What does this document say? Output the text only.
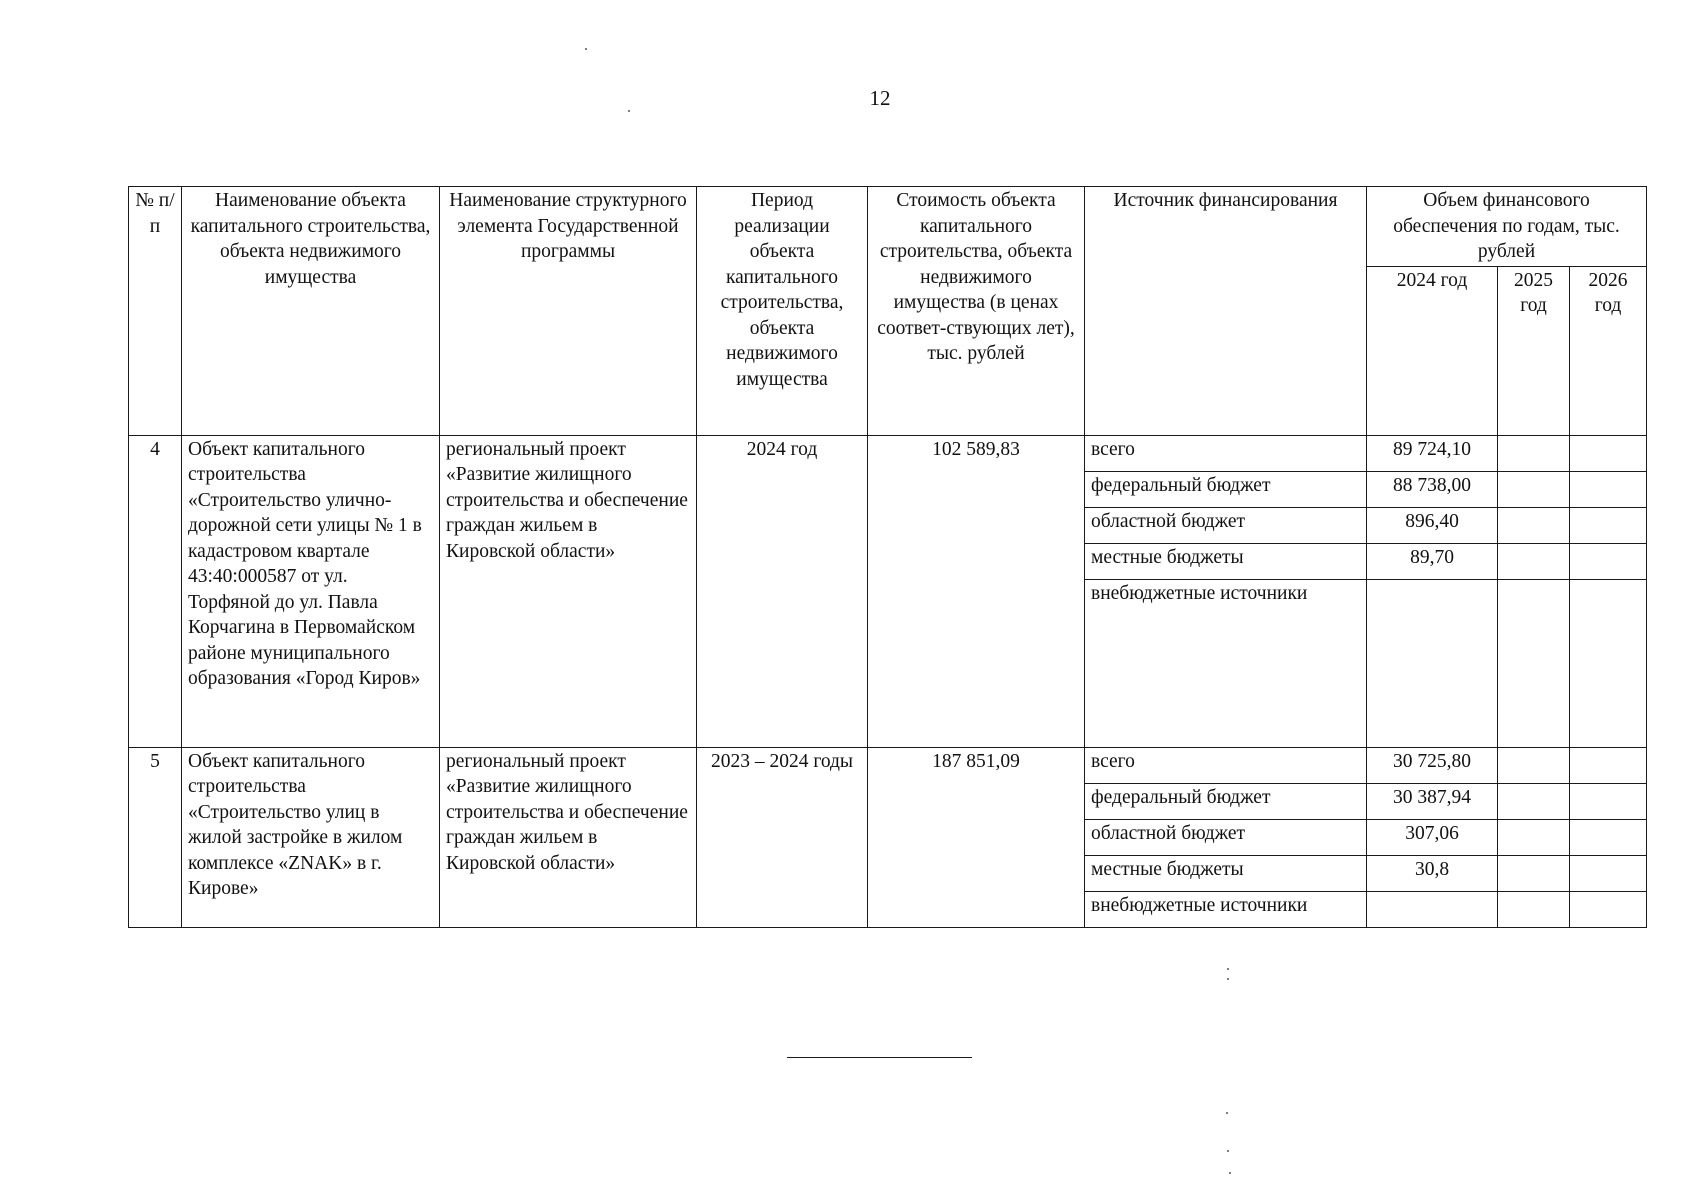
12
№ п/п	Наименование объекта капитального строительства, объекта недвижимого имущества	Наименование структурного элемента Государственной программы	Период реализации объекта капитального строительства, объекта недвижимого имущества	Стоимость объекта капитального строительства, объекта недвижимого имущества (в ценах соответ-ствующих лет), тыс. рублей	Источник финансирования	Объем финансового обеспечения по годам, тыс. рублей		
						2024 год	2025 год	2026 год
4	Объект капитального строительства «Строительство улично-дорожной сети улицы № 1 в кадастровом квартале 43:40:000587 от ул. Торфяной до ул. Павла Корчагина в Первомайском районе муниципального образования «Город Киров»	региональный проект «Развитие жилищного строительства и обеспечение граждан жильем в Кировской области»	2024 год	102 589,83	всего	89 724,10		
					федеральный бюджет	88 738,00		
					областной бюджет	896,40		
					местные бюджеты	89,70		
					внебюджетные источники			
5	Объект капитального строительства «Строительство улиц в жилой застройке в жилом комплексе «ZNAK» в г. Кирове»	региональный проект «Развитие жилищного строительства и обеспечение граждан жильем в Кировской области»	2023 – 2024 годы	187 851,09	всего	30 725,80		
					федеральный бюджет	30 387,94		
					областной бюджет	307,06		
					местные бюджеты	30,8		
					внебюджетные источники			
